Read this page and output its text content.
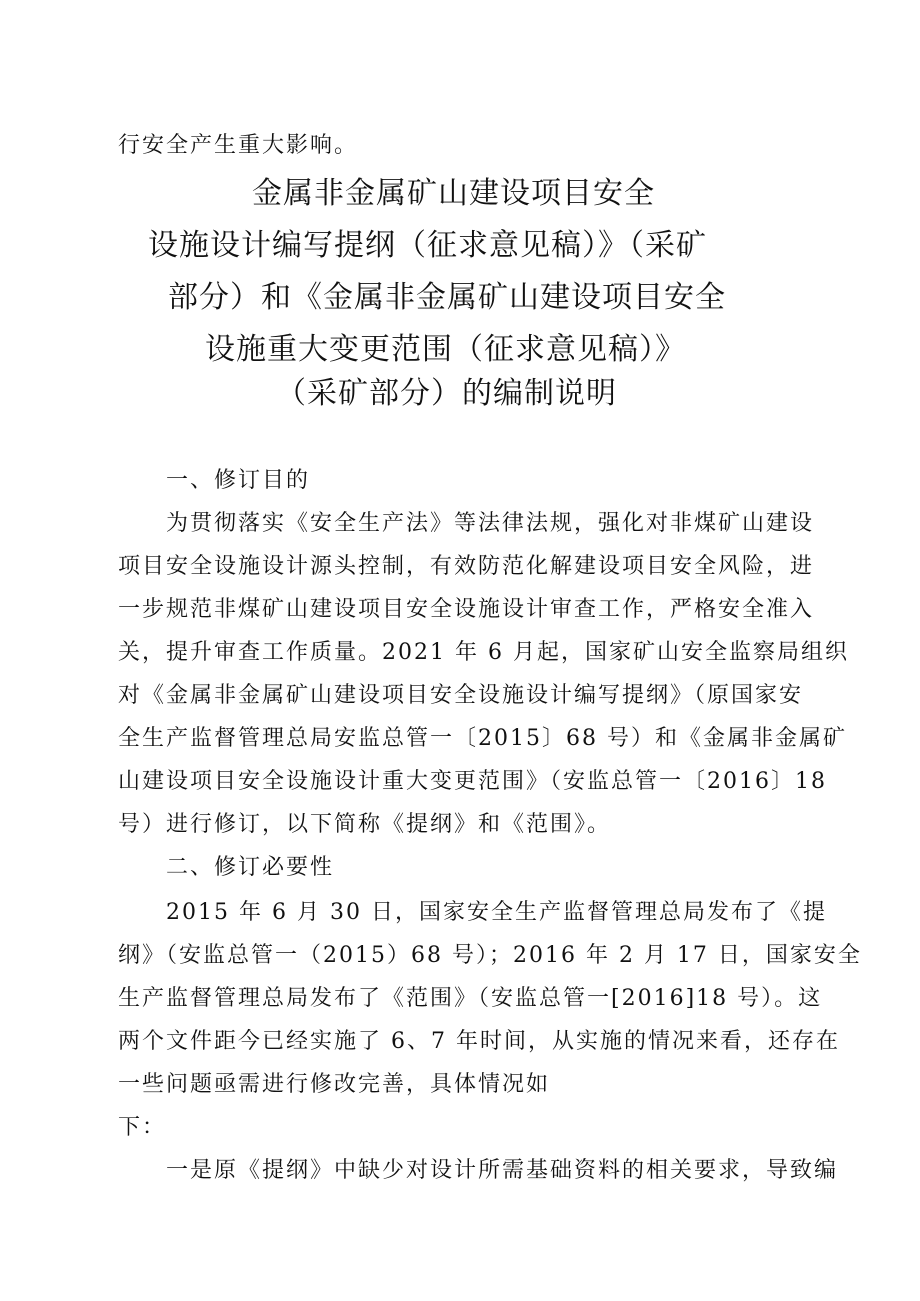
行安全产生重大影响。
金属非金属矿山建设项目安全
设施设计编写提纲（征求意见稿）》（采矿
部分）和《金属非金属矿山建设项目安全
设施重大变更范围（征求意见稿）》
（采矿部分）的编制说明
一、修订目的
为贯彻落实《安全生产法》等法律法规，强化对非煤矿山建设
项目安全设施设计源头控制，有效防范化解建设项目安全风险，进
一步规范非煤矿山建设项目安全设施设计审查工作，严格安全准入
关，提升审查工作质量。2021 年 6 月起，国家矿山安全监察局组织
对《金属非金属矿山建设项目安全设施设计编写提纲》（原国家安
全生产监督管理总局安监总管一〔2015〕68 号）和《金属非金属矿
山建设项目安全设施设计重大变更范围》（安监总管一〔2016〕18
号）进行修订，以下简称《提纲》和《范围》。
二、修订必要性
2015 年 6 月 30 日，国家安全生产监督管理总局发布了《提
纲》（安监总管一（2015）68 号）；2016 年 2 月 17 日，国家安全
生产监督管理总局发布了《范围》（安监总管一[2016]18 号）。这
两个文件距今已经实施了 6、7 年时间，从实施的情况来看，还存在
一些问题亟需进行修改完善，具体情况如
下：
一是原《提纲》中缺少对设计所需基础资料的相关要求，导致编
